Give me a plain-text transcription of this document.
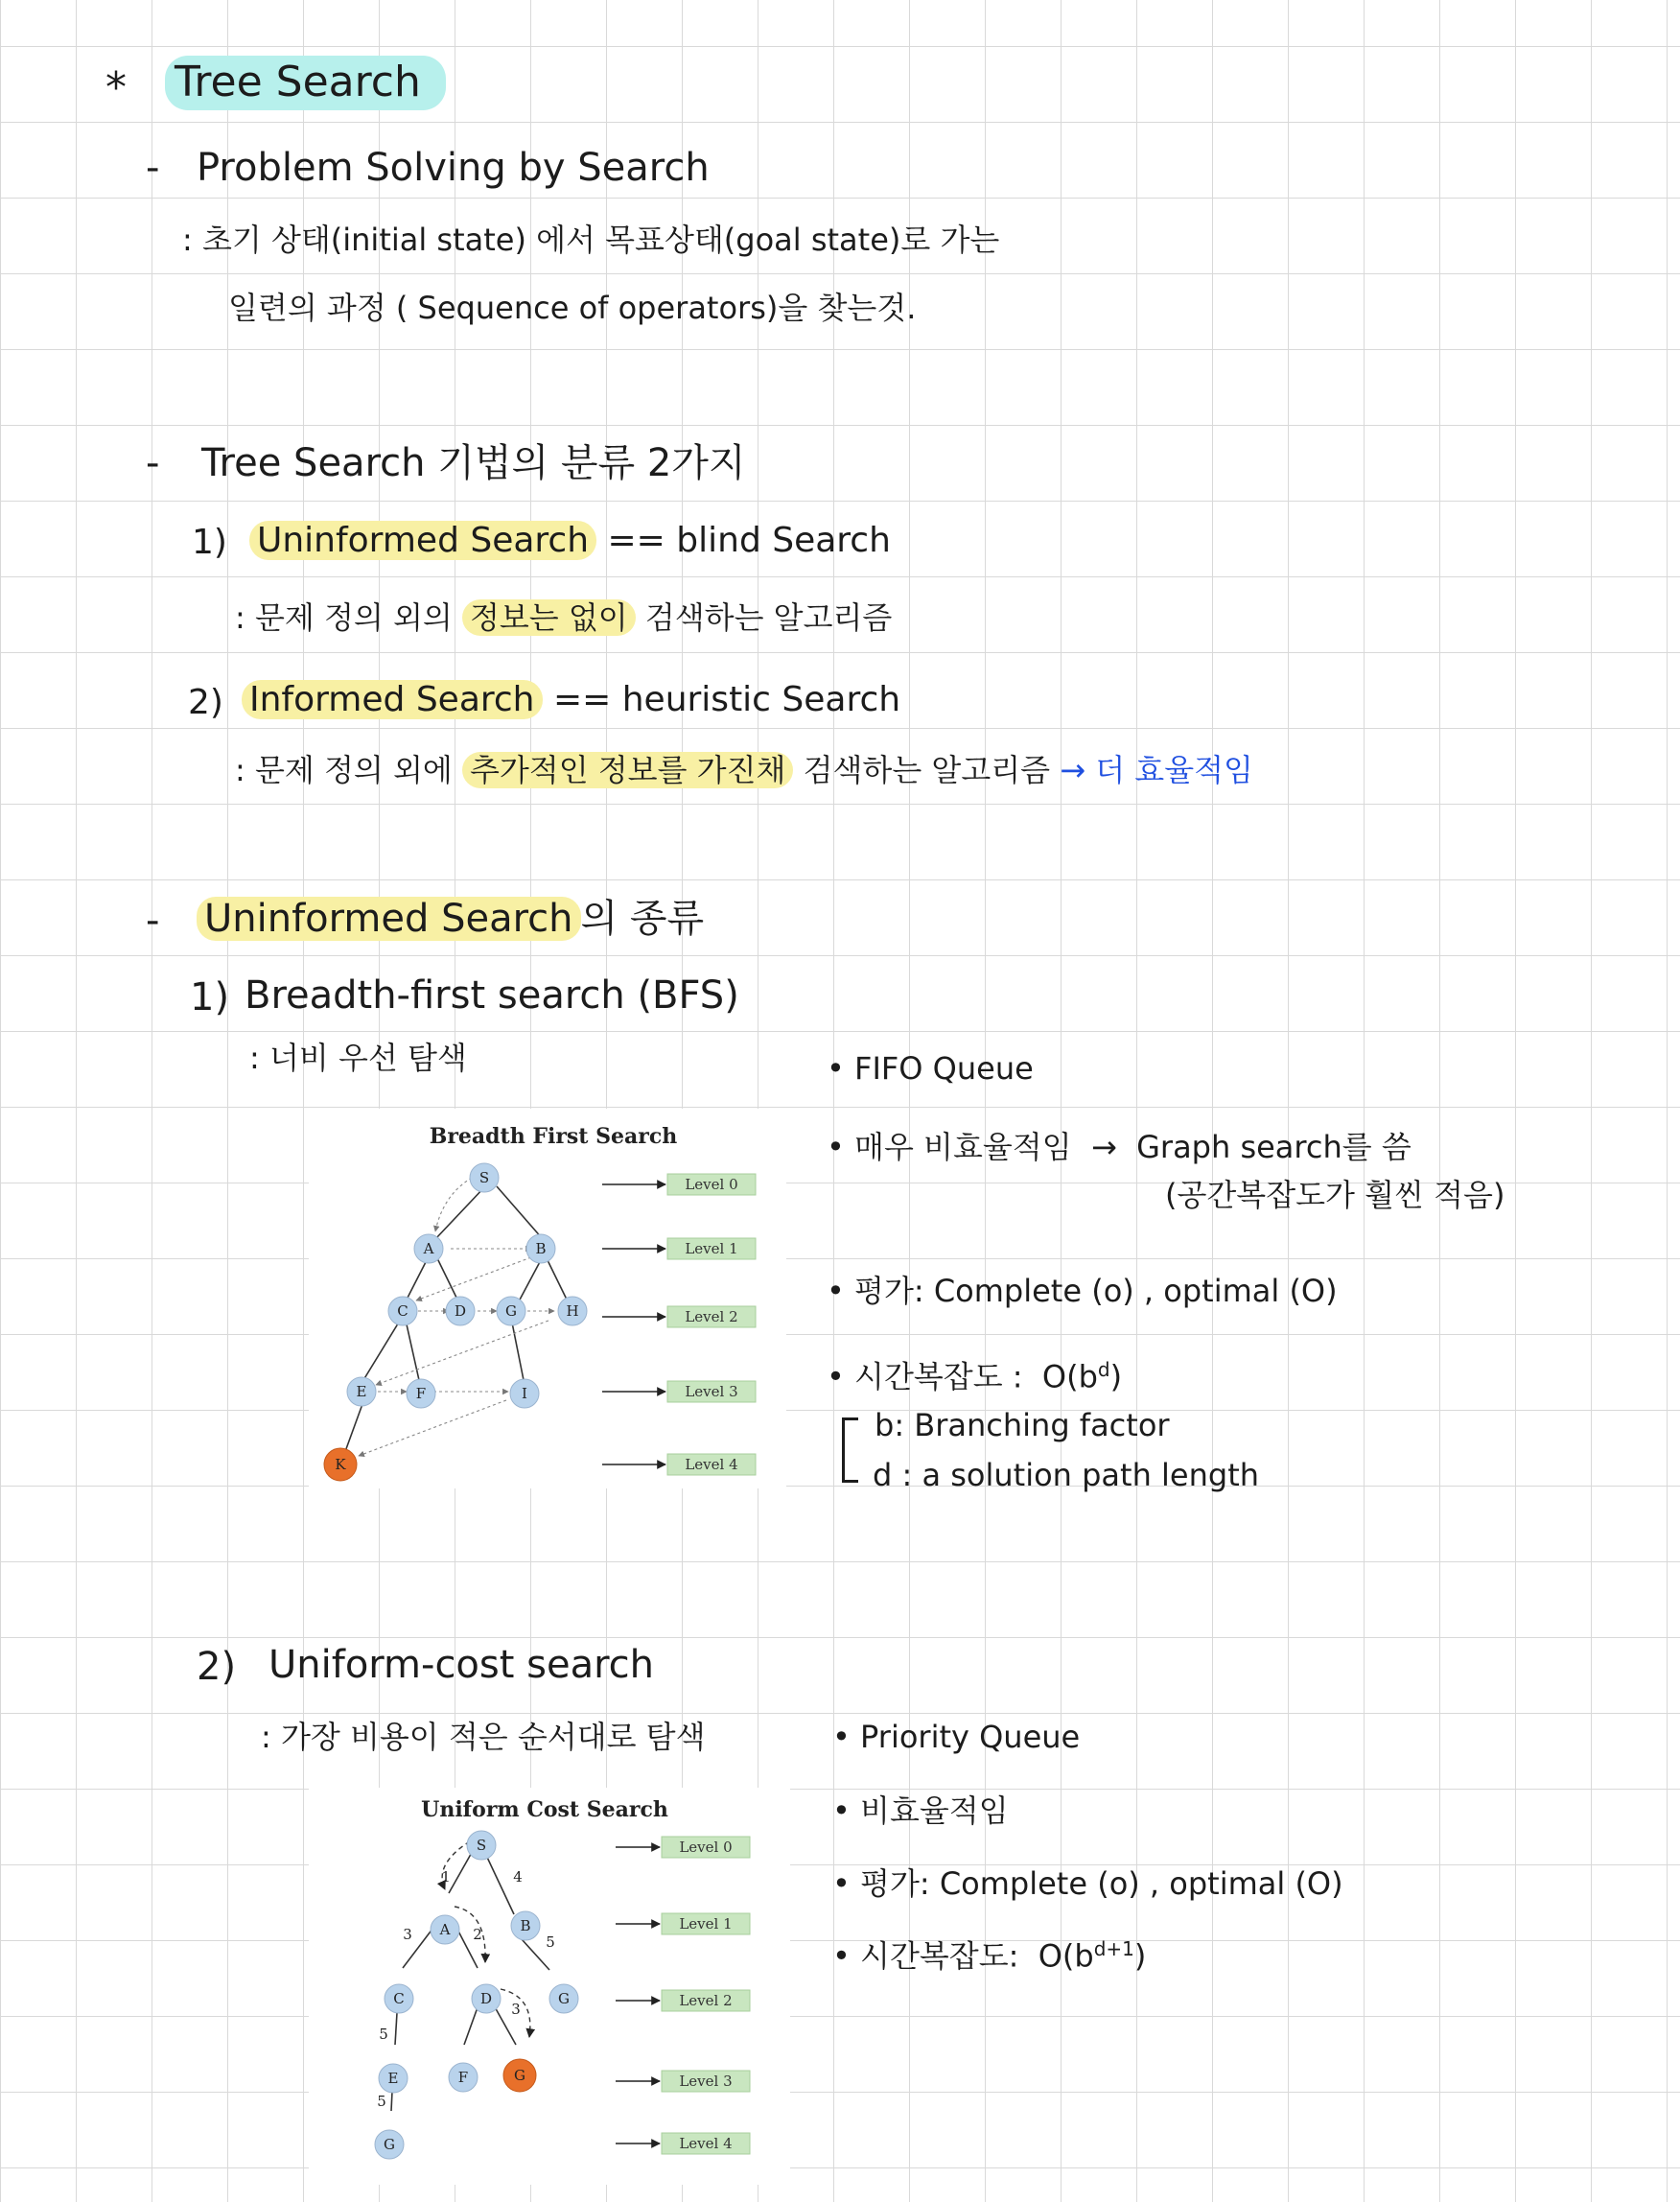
* Tree Search
- Problem Solving by Search
: 초기 상태(initial state) 에서 목표상태(goal state)로 가는
일련의 과정 ( Sequence of operators)을 찾는것.
- Tree Search 기법의 분류 2가지
1) Uninformed Search == blind Search
: 문제 정의 외의 정보는 없이 검색하는 알고리즘
2) Informed Search == heuristic Search
: 문제 정의 외에 추가적인 정보를 가진채 검색하는 알고리즘 → 더 효율적임
- Uninformed Search 의 종류
1) Breadth-first search (BFS)
: 너비 우선 탐색	• FIFO Queue
• 매우 비효율적임 → Graph search를 씀
(공간복잡도가 훨씬 적음)
• 평가: Complete (o) , optimal (O)
• 시간복잡도 : $O(b^d)$
b: Branching factor
d : a solution path length
Breadth First Search
S
A	B
C	D	G	H
E	F	I
K
Level 0
Level 1
Level 2
Level 3
Level 4
2) Uniform-cost search
: 가장 비용이 적은 순서대로 탐색	• Priority Queue
• 비효율적임
• 평가: Complete (o) , optimal (O)
• 시간복잡도: $O(b^{d+1})$
Uniform Cost Search
1	4
3	2	5
3
5
5
S
A	B
C	D	G
E	F	G
G
Level 0
Level 1
Level 2
Level 3
Level 4
